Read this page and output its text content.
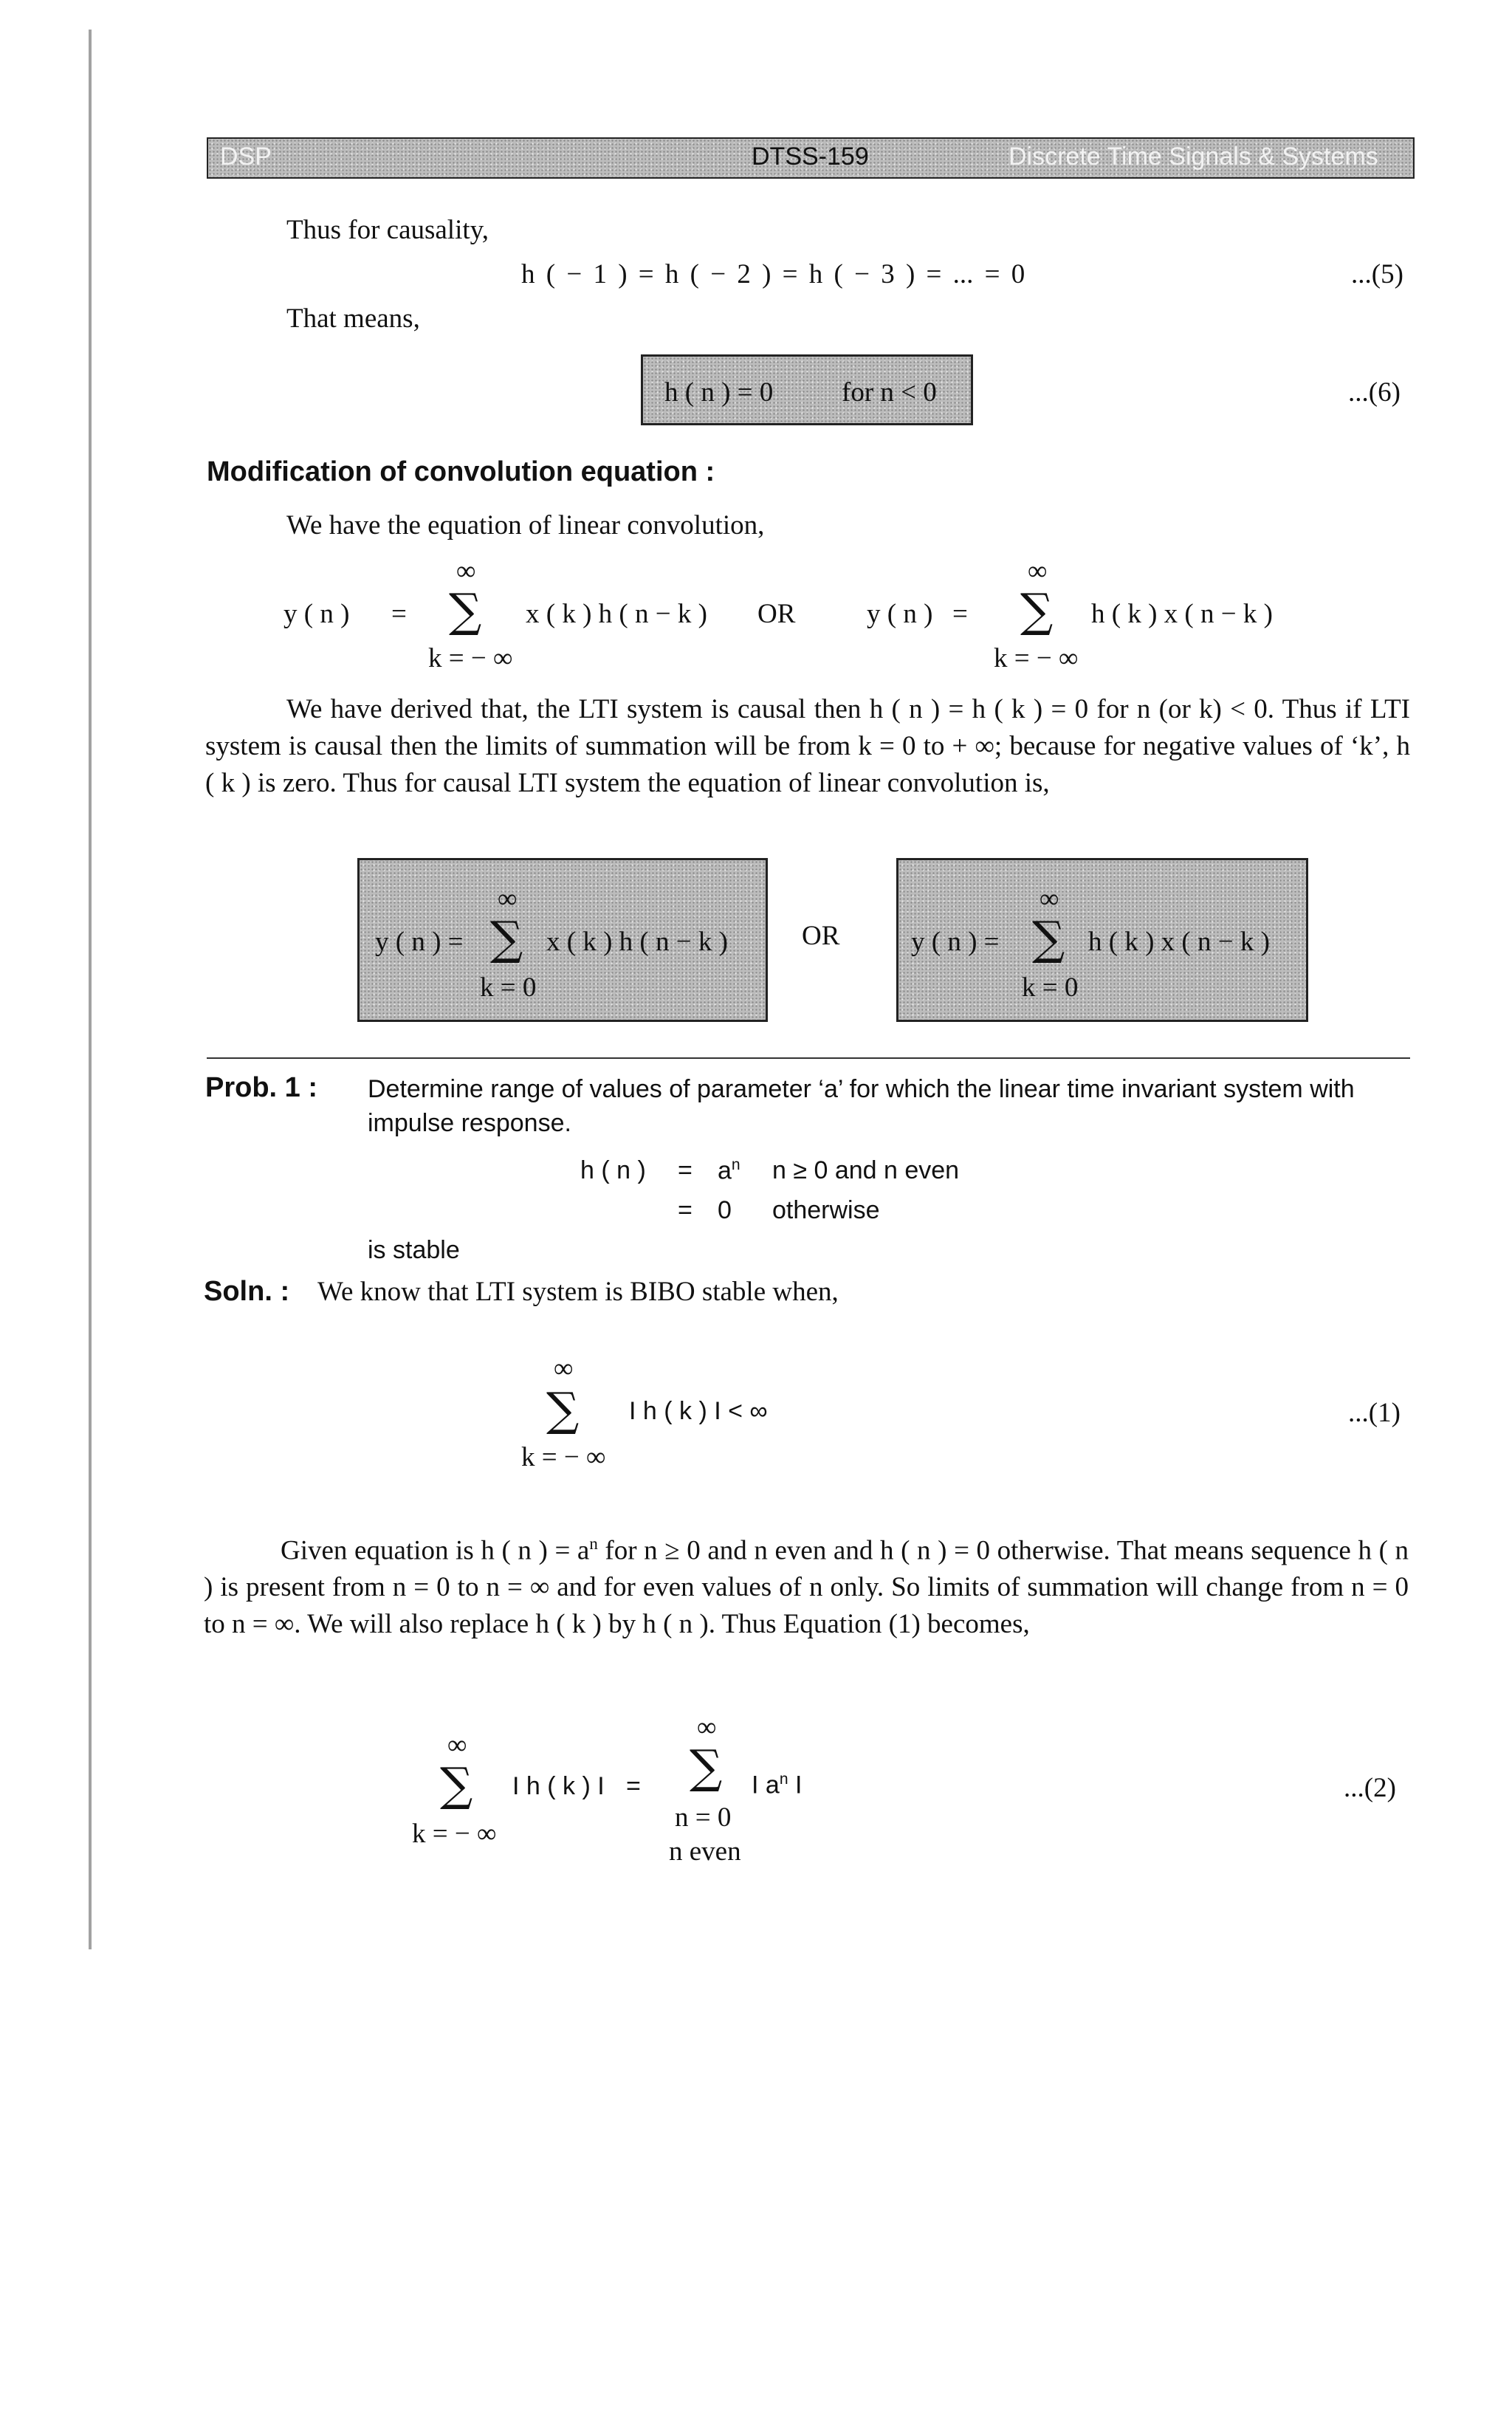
DSP	DTSS-159	Discrete Time Signals & Systems
Thus for causality,
h ( − 1 ) = h ( − 2 ) = h ( − 3 ) = ... = 0	...(5)
That means,
h ( n ) = 0	for n < 0	...(6)
Modification of convolution equation :
We have the equation of linear convolution,
y ( n ) =
∞
∑ x ( k ) h ( n − k )
k = − ∞
OR	y ( n ) =
∞
∑ h ( k ) x ( n − k )
k = − ∞
We have derived that, the LTI system is causal then h ( n ) = h ( k ) = 0 for n (or k) < 0. Thus if LTI system is causal then the limits of summation will be from k = 0 to + ∞; because for negative values of ‘k’, h ( k ) is zero. Thus for causal LTI system the equation of linear convolution is,
∞
y ( n ) = ∑ x ( k ) h ( n − k )
k = 0
OR
∞
y ( n ) = ∑ h ( k ) x ( n − k )
k = 0
Prob. 1 : Determine range of values of parameter ‘a’ for which the linear time invariant system with impulse response.
h ( n ) = $a^n$ n ≥ 0 and n even
= 0 otherwise
is stable
Soln. : We know that LTI system is BIBO stable when,
∞
∑ I h ( k ) I < ∞
k = − ∞
...(1)
Given equation is h ( n ) = $a^n$ for n ≥ 0 and n even and h ( n ) = 0 otherwise. That means sequence h ( n ) is present from n = 0 to n = ∞ and for even values of n only. So limits of summation will change from n = 0 to n = ∞. We will also replace h ( k ) by h ( n ). Thus Equation (1) becomes,
∞
∑ I h ( k ) I
k = − ∞
=
∞
∑ I $a^n$ I
n = 0
n even
...(2)
